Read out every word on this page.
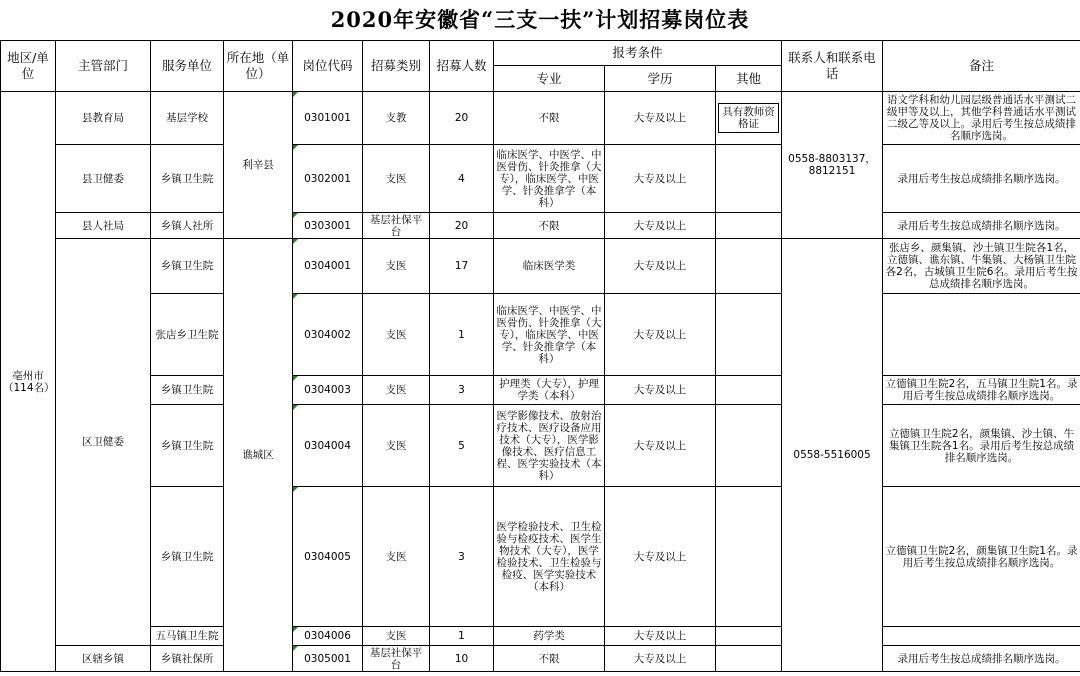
2020年安徽省“三支一扶”计划招募岗位表
地区/单位	主管部门	服务单位	所在地（单位）	岗位代码	招募类别	招募人数	报考条件			联系人和联系电话	备注
							专业	学历	其他		
亳州市（114名）	县教育局	基层学校	利辛县	0301001	支教	20	不限	大专及以上	具有教师资格证	0558-8803137，8812151	语文学科和幼儿园层级普通话水平测试二级甲等及以上，其他学科普通话水平测试二级乙等及以上。录用后考生按总成绩排名顺序选岗。
	县卫健委	乡镇卫生院		0302001	支医	4	临床医学、中医学、中医骨伤、针灸推拿（大专），临床医学、中医学、针灸推拿学（本科）	大专及以上			录用后考生按总成绩排名顺序选岗。
	县人社局	乡镇人社所		0303001	基层社保平台	20	不限	大专及以上			录用后考生按总成绩排名顺序选岗。
	区卫健委	乡镇卫生院	谯城区	0304001	支医	17	临床医学类	大专及以上		0558-5516005	张店乡、颜集镇、沙土镇卫生院各1名，立德镇、谯东镇、牛集镇、大杨镇卫生院各2名，古城镇卫生院6名。录用后考生按总成绩排名顺序选岗。
		张店乡卫生院		0304002	支医	1	临床医学、中医学、中医骨伤、针灸推拿（大专），临床医学、中医学、针灸推拿学（本科）	大专及以上			
		乡镇卫生院		0304003	支医	3	护理类（大专），护理学类（本科）	大专及以上			立德镇卫生院2名，五马镇卫生院1名。录用后考生按总成绩排名顺序选岗。
		乡镇卫生院		0304004	支医	5	医学影像技术、放射治疗技术、医疗设备应用技术（大专），医学影像技术、医疗信息工程、医学实验技术（本科）	大专及以上			立德镇卫生院2名，颜集镇、沙土镇、牛集镇卫生院各1名。录用后考生按总成绩排名顺序选岗。
		乡镇卫生院		0304005	支医	3	医学检验技术、卫生检验与检疫技术、医学生物技术（大专），医学检验技术、卫生检验与检疫、医学实验技术（本科）	大专及以上			立德镇卫生院2名，颜集镇卫生院1名。录用后考生按总成绩排名顺序选岗。
		五马镇卫生院		0304006	支医	1	药学类	大专及以上			
	区辖乡镇	乡镇社保所		0305001	基层社保平台	10	不限	大专及以上			录用后考生按总成绩排名顺序选岗。
